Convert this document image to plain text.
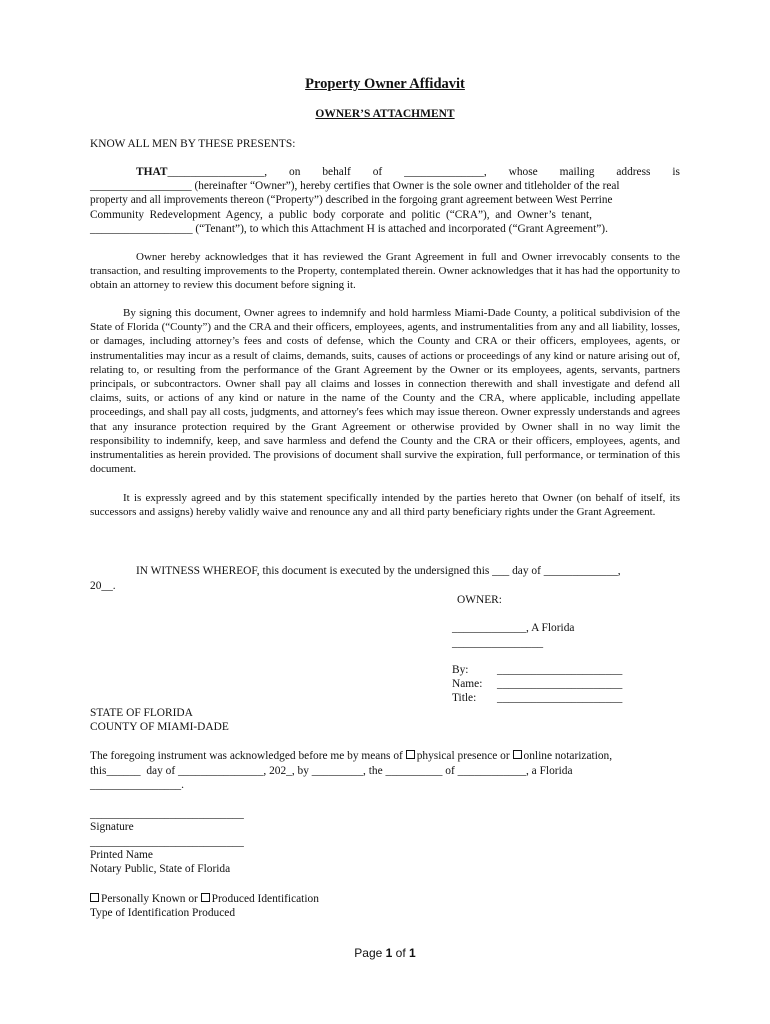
Property Owner Affidavit
OWNER’S ATTACHMENT
KNOW ALL MEN BY THESE PRESENTS:
THAT _________________,    on    behalf    of    ______________,    whose    mailing    address    is
__________________ (hereinafter “Owner”), hereby certifies that Owner is the sole owner and titleholder of the real
property and all improvements thereon (“Property”) described in the forgoing grant agreement between West Perrine
Community  Redevelopment  Agency,  a  public  body  corporate  and  politic  (“CRA”),  and  Owner’s  tenant,
__________________ (“Tenant”), to which this Attachment H is attached and incorporated (“Grant Agreement”).
Owner hereby acknowledges that it has reviewed the Grant Agreement in full and Owner irrevocably consents to the transaction, and resulting improvements to the Property, contemplated therein. Owner acknowledges that it has had the opportunity to obtain an attorney to review this document before signing it.
By signing this document, Owner agrees to indemnify and hold harmless Miami-Dade County, a political subdivision of the State of Florida (“County”) and the CRA and their officers, employees, agents, and instrumentalities from any and all liability, losses, or damages, including attorney’s fees and costs of defense, which the County and CRA or their officers, employees, agents, or instrumentalities may incur as a result of claims, demands, suits, causes of actions or proceedings of any kind or nature arising out of, relating to, or resulting from the performance of the Grant Agreement by the Owner or its employees, agents, servants, partners principals, or subcontractors. Owner shall pay all claims and losses in connection therewith and shall investigate and defend all claims, suits, or actions of any kind or nature in the name of the County and the CRA, where applicable, including appellate proceedings, and shall pay all costs, judgments, and attorney's fees which may issue thereon. Owner expressly understands and agrees that any insurance protection required by the Grant Agreement or otherwise provided by Owner shall in no way limit the responsibility to indemnify, keep, and save harmless and defend the County and the CRA or their officers, employees, agents, and instrumentalities as herein provided. The provisions of document shall survive the expiration, full performance, or termination of this document.
It is expressly agreed and by this statement specifically intended by the parties hereto that Owner (on behalf of itself, its successors and assigns) hereby validly waive and renounce any and all third party beneficiary rights under the Grant Agreement.
IN WITNESS WHEREOF, this document is executed by the undersigned this ___ day of _____________,
20__.
OWNER:
_____________, A Florida
________________
By:	______________________
Name: ______________________
Title: ______________________
STATE OF FLORIDA
COUNTY OF MIAMI-DADE
The foregoing instrument was acknowledged before me by means of physical presence or online notarization,
this______  day of _______________, 202_, by _________, the __________ of ____________, a Florida
________________.
___________________________
Signature
___________________________
Printed Name
Notary Public, State of Florida
Personally Known or Produced Identification
Type of Identification Produced
Page 1 of 1
